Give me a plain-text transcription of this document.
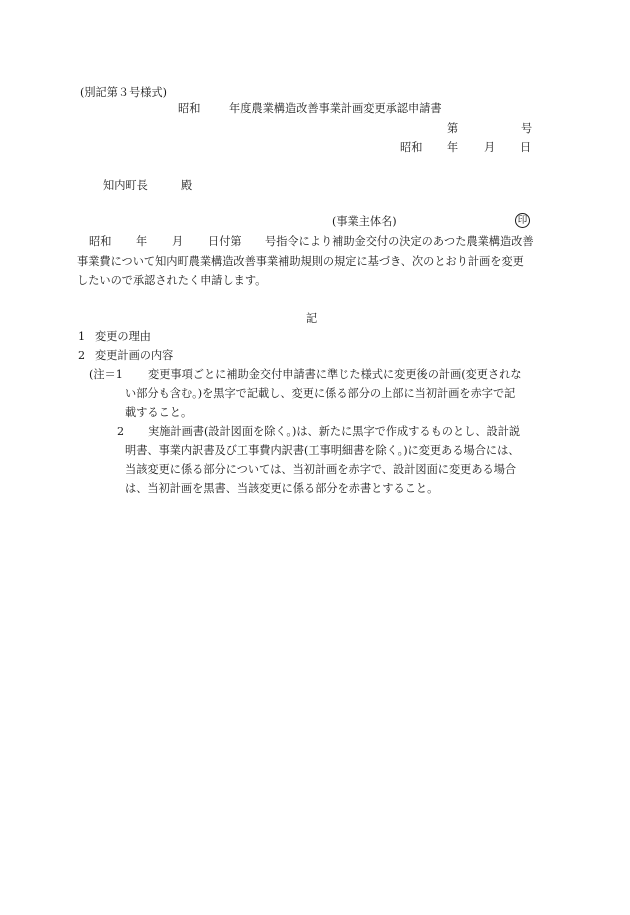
(別記第３号様式)
昭和	年度農業構造改善事業計画変更承認申請書
第	号
昭和 年 月 日
知内町長	殿
(事業主体名)	印
昭和 年 月 日付第 号指令により補助金交付の決定のあつた農業構造改善
事業費について知内町農業構造改善事業補助規則の規定に基づき、次のとおり計画を変更
したいので承認されたく申請します。
記
1 変更の理由
2 変更計画の内容
(注＝1 変更事項ごとに補助金交付申請書に準じた様式に変更後の計画(変更されな
い部分も含む。)を黒字で記載し、変更に係る部分の上部に当初計画を赤字で記
載すること。
2 実施計画書(設計図面を除く。)は、新たに黒字で作成するものとし、設計説
明書、事業内訳書及び工事費内訳書(工事明細書を除く。)に変更ある場合には、
当該変更に係る部分については、当初計画を赤字で、設計図面に変更ある場合
は、当初計画を黒書、当該変更に係る部分を赤書とすること。
